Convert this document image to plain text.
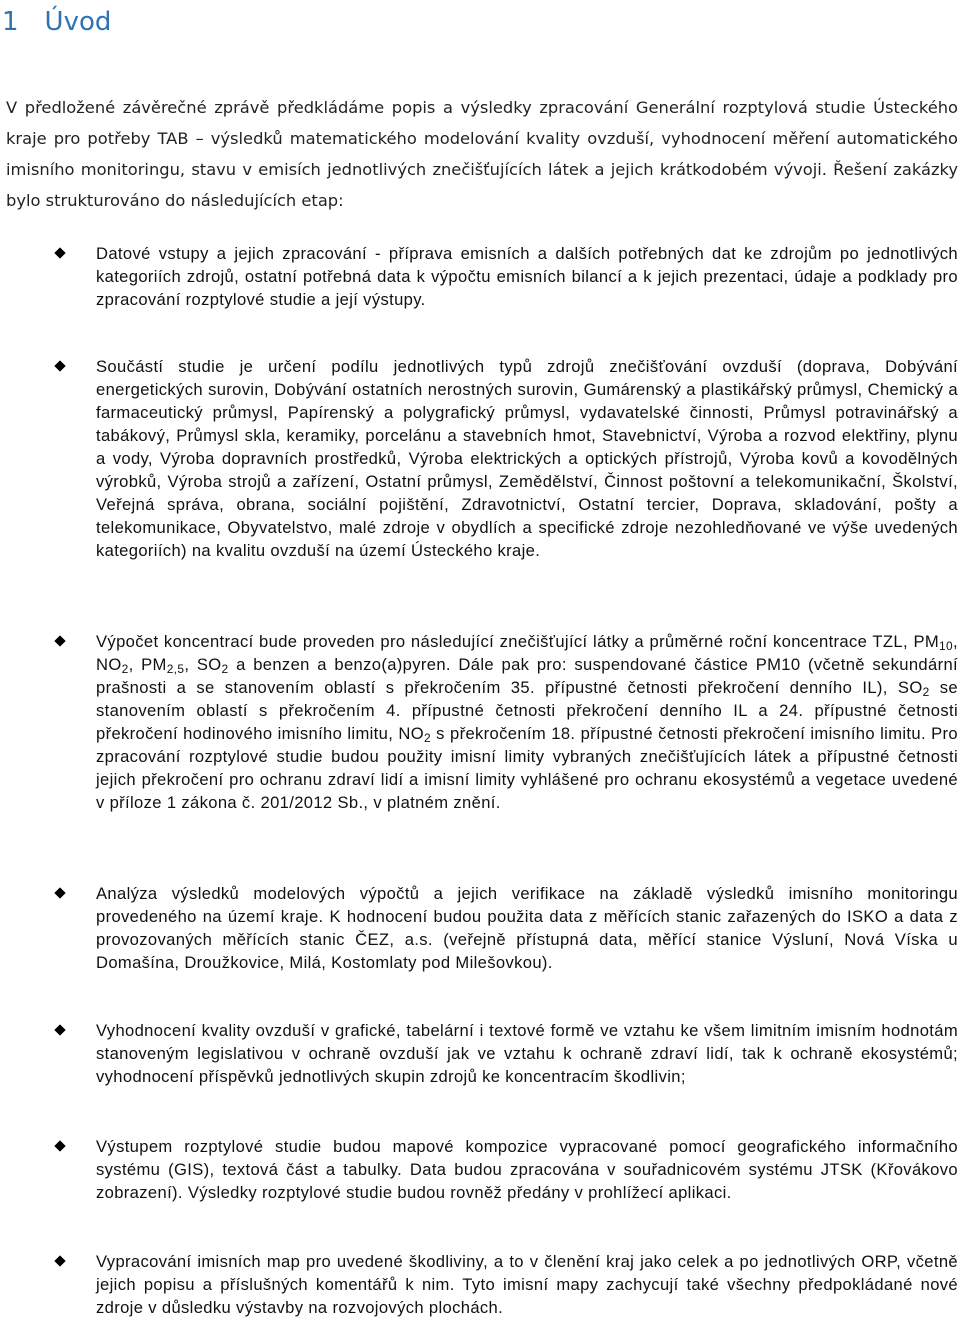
1 Úvod

V předložené závěrečné zprávě předkládáme popis a výsledky zpracování Generální rozptylová studie Ústeckého kraje pro potřeby TAB – výsledků matematického modelování kvality ovzduší, vyhodnocení měření automatického imisního monitoringu, stavu v emisích jednotlivých znečišťujících látek a jejich krátkodobém vývoji. Řešení zakázky bylo strukturováno do následujících etap:

Datové vstupy a jejich zpracování - příprava emisních a dalších potřebných dat ke zdrojům po jednotlivých kategoriích zdrojů, ostatní potřebná data k výpočtu emisních bilancí a k jejich prezentaci, údaje a podklady pro zpracování rozptylové studie a její výstupy.
Součástí studie je určení podílu jednotlivých typů zdrojů znečišťování ovzduší (doprava, Dobývání energetických surovin, Dobývání ostatních nerostných surovin, Gumárenský a plastikářský průmysl, Chemický a farmaceutický průmysl, Papírenský a polygrafický průmysl, vydavatelské činnosti, Průmysl potravinářský a tabákový, Průmysl skla, keramiky, porcelánu a stavebních hmot, Stavebnictví, Výroba a rozvod elektřiny, plynu a vody, Výroba dopravních prostředků, Výroba elektrických a optických přístrojů, Výroba kovů a kovodělných výrobků, Výroba strojů a zařízení, Ostatní průmysl, Zemědělství, Činnost poštovní a telekomunikační, Školství, Veřejná správa, obrana, sociální pojištění, Zdravotnictví, Ostatní tercier, Doprava, skladování, pošty a telekomunikace, Obyvatelstvo, malé zdroje v obydlích a specifické zdroje nezohledňované ve výše uvedených kategoriích) na kvalitu ovzduší na území Ústeckého kraje.
Výpočet koncentrací bude proveden pro následující znečišťující látky a průměrné roční koncentrace TZL, $PM_{10}$, $NO_2$, $PM_{2,5}$, $SO_2$ a benzen a benzo(a)pyren. Dále pak pro: suspendované částice PM10 (včetně sekundární prašnosti a se stanovením oblastí s překročením 35. přípustné četnosti překročení denního IL), $SO_2$ se stanovením oblastí s překročením 4. přípustné četnosti překročení denního IL a 24. přípustné četnosti překročení hodinového imisního limitu, $NO_2$ s překročením 18. přípustné četnosti překročení imisního limitu. Pro zpracování rozptylové studie budou použity imisní limity vybraných znečišťujících látek a přípustné četnosti jejich překročení pro ochranu zdraví lidí a imisní limity vyhlášené pro ochranu ekosystémů a vegetace uvedené v příloze 1 zákona č. 201/2012 Sb., v platném znění.
Analýza výsledků modelových výpočtů a jejich verifikace na základě výsledků imisního monitoringu provedeného na území kraje. K hodnocení budou použita data z měřících stanic zařazených do ISKO a data z provozovaných měřících stanic ČEZ, a.s. (veřejně přístupná data, měřící stanice Výsluní, Nová Víska u Domašína, Droužkovice, Milá, Kostomlaty pod Milešovkou).
Vyhodnocení kvality ovzduší v grafické, tabelární i textové formě ve vztahu ke všem limitním imisním hodnotám stanoveným legislativou v ochraně ovzduší jak ve vztahu k ochraně zdraví lidí, tak k ochraně ekosystémů; vyhodnocení příspěvků jednotlivých skupin zdrojů ke koncentracím škodlivin;
Výstupem rozptylové studie budou mapové kompozice vypracované pomocí geografického informačního systému (GIS), textová část a tabulky. Data budou zpracována v souřadnicovém systému JTSK (Křovákovo zobrazení). Výsledky rozptylové studie budou rovněž předány v prohlížecí aplikaci.
Vypracování imisních map pro uvedené škodliviny, a to v členění kraj jako celek a po jednotlivých ORP, včetně jejich popisu a příslušných komentářů k nim. Tyto imisní mapy zachycují také všechny předpokládané nové zdroje v důsledku výstavby na rozvojových plochách.
